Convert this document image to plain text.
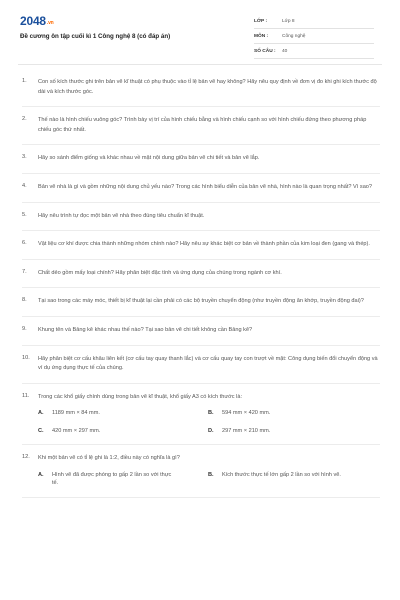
$2048^{.vn}$
Đề cương ôn tập cuối kì 1 Công nghệ 8 (có đáp án)
LỚP :	Lớp 8
MÔN :	Công nghệ
SỐ CÂU :	40
1.	Con số kích thước ghi trên bản vẽ kĩ thuật có phụ thuộc vào tỉ lệ bản vẽ hay không? Hãy nêu quy định về đơn vị đo khi ghi kích thước độ dài và kích thước góc.
2.	Thế nào là hình chiếu vuông góc? Trình bày vị trí của hình chiếu bằng và hình chiếu cạnh so với hình chiếu đứng theo phương pháp chiếu góc thứ nhất.
3.	Hãy so sánh điểm giống và khác nhau về mặt nội dung giữa bản vẽ chi tiết và bản vẽ lắp.
4.	Bản vẽ nhà là gì và gồm những nội dung chủ yếu nào? Trong các hình biểu diễn của bản vẽ nhà, hình nào là quan trọng nhất? Vì sao?
5.	Hãy nêu trình tự đọc một bản vẽ nhà theo đúng tiêu chuẩn kĩ thuật.
6.	Vật liệu cơ khí được chia thành những nhóm chính nào? Hãy nêu sự khác biệt cơ bản về thành phần của kim loại đen (gang và thép).
7.	Chất dẻo gồm mấy loại chính? Hãy phân biệt đặc tính và ứng dụng của chúng trong ngành cơ khí.
8.	Tại sao trong các máy móc, thiết bị kĩ thuật lại cần phải có các bộ truyền chuyển động (như truyền động ăn khớp, truyền động đai)?
9.	Khung tên và Bảng kê khác nhau thế nào? Tại sao bản vẽ chi tiết không cần Bảng kê?
10.	Hãy phân biệt cơ cấu khâu liên kết (cơ cấu tay quay thanh lắc) và cơ cấu quay tay con trượt về mặt: Công dụng biến đổi chuyển động và ví dụ ứng dụng thực tế của chúng.
11.	Trong các khổ giấy chính dùng trong bản vẽ kĩ thuật, khổ giấy A3 có kích thước là:
A.	1189 mm × 84 mm.	B.	594 mm × 420 mm.
C.	420 mm × 297 mm.	D.	297 mm × 210 mm.
12.	Khi một bản vẽ có tỉ lệ ghi là 1:2, điều này có nghĩa là gì?
A.	Hình vẽ đã được phóng to gấp 2 lần so với thực tế.
B.	Kích thước thực tế lớn gấp 2 lần so với hình vẽ.
